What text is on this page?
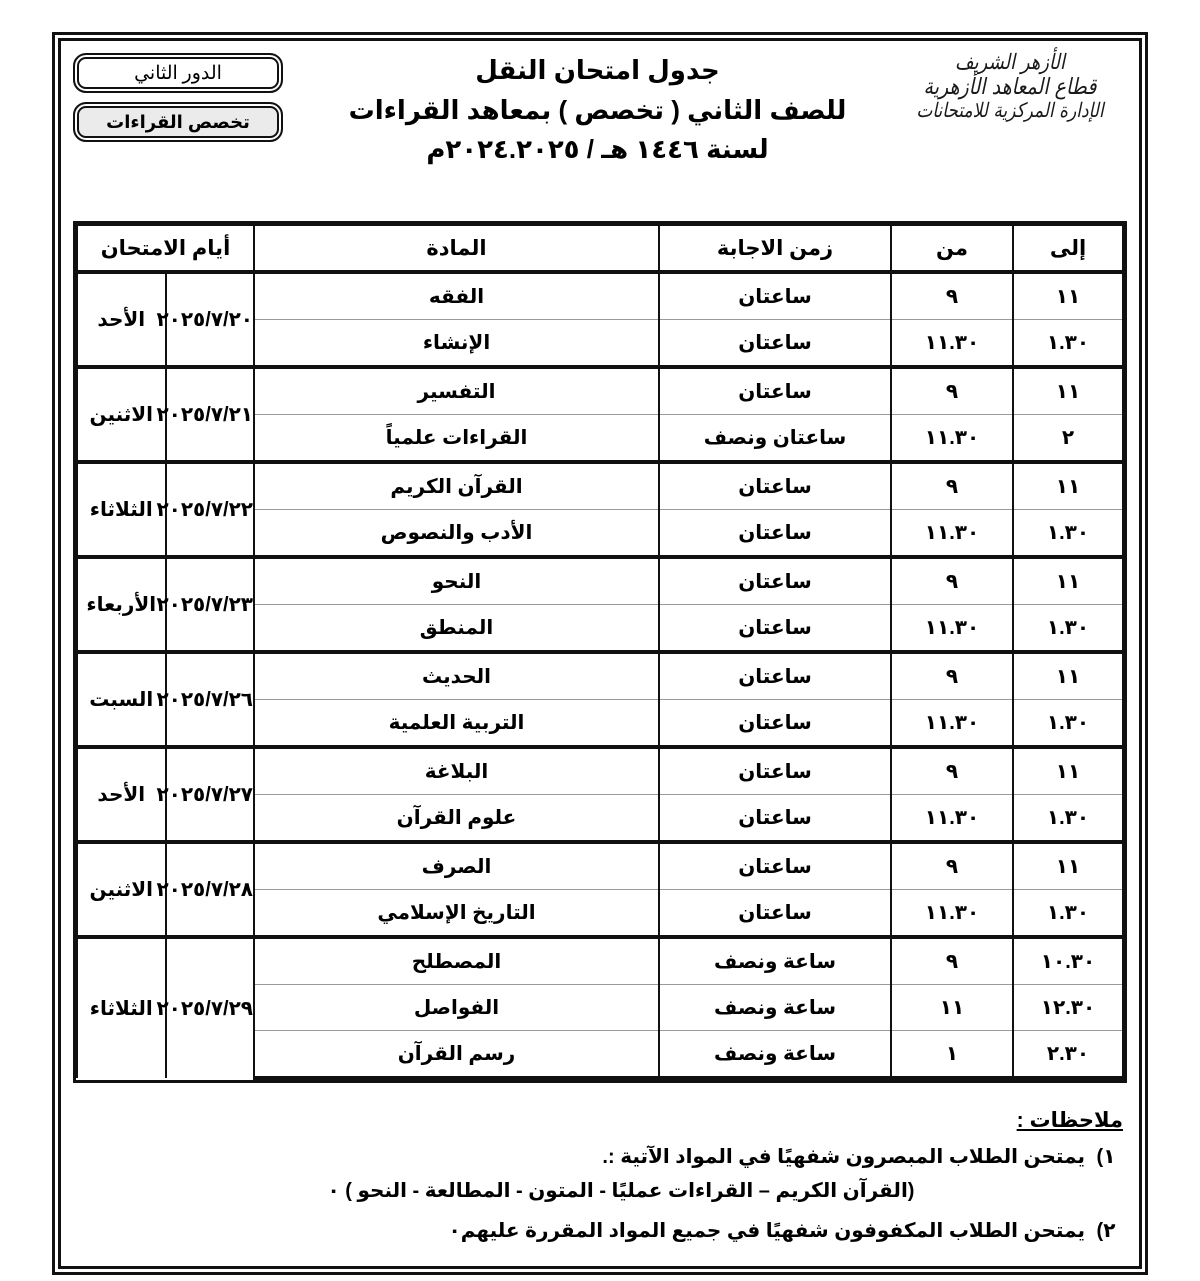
الدور الثاني
تخصص القراءات
جدول امتحان النقل
للصف الثاني ( تخصص ) بمعاهد القراءات
لسنة ١٤٤٦ هـ / ٢٠٢٤.٢٠٢٥م
الأزهر الشريف
قطاع المعاهد الأزهرية
الإدارة المركزية للامتحانات
إلى	من	زمن الاجابة	المادة	أيام الامتحان	
١١	٩	ساعتان	الفقه	٢٠٢٥/٧/٢٠	الأحد
١.٣٠	١١.٣٠	ساعتان	الإنشاء		
١١	٩	ساعتان	التفسير	٢٠٢٥/٧/٢١	الاثنين
٢	١١.٣٠	ساعتان ونصف	القراءات علمياً		
١١	٩	ساعتان	القرآن الكريم	٢٠٢٥/٧/٢٢	الثلاثاء
١.٣٠	١١.٣٠	ساعتان	الأدب والنصوص		
١١	٩	ساعتان	النحو	٢٠٢٥/٧/٢٣	الأربعاء
١.٣٠	١١.٣٠	ساعتان	المنطق		
١١	٩	ساعتان	الحديث	٢٠٢٥/٧/٢٦	السبت
١.٣٠	١١.٣٠	ساعتان	التربية العلمية		
١١	٩	ساعتان	البلاغة	٢٠٢٥/٧/٢٧	الأحد
١.٣٠	١١.٣٠	ساعتان	علوم القرآن		
١١	٩	ساعتان	الصرف	٢٠٢٥/٧/٢٨	الاثنين
١.٣٠	١١.٣٠	ساعتان	التاريخ الإسلامي		
١٠.٣٠	٩	ساعة ونصف	المصطلح	٢٠٢٥/٧/٢٩	الثلاثاء
١٢.٣٠	١١	ساعة ونصف	الفواصل		
٢.٣٠	١	ساعة ونصف	رسم القرآن		
ملاحظات :
١)
يمتحن الطلاب المبصرون شفهيًا في المواد الآتية :.
(القرآن الكريم – القراءات عمليًا - المتون - المطالعة - النحو ) ٠
٢)
يمتحن الطلاب المكفوفون شفهيًا في جميع المواد المقررة عليهم٠
